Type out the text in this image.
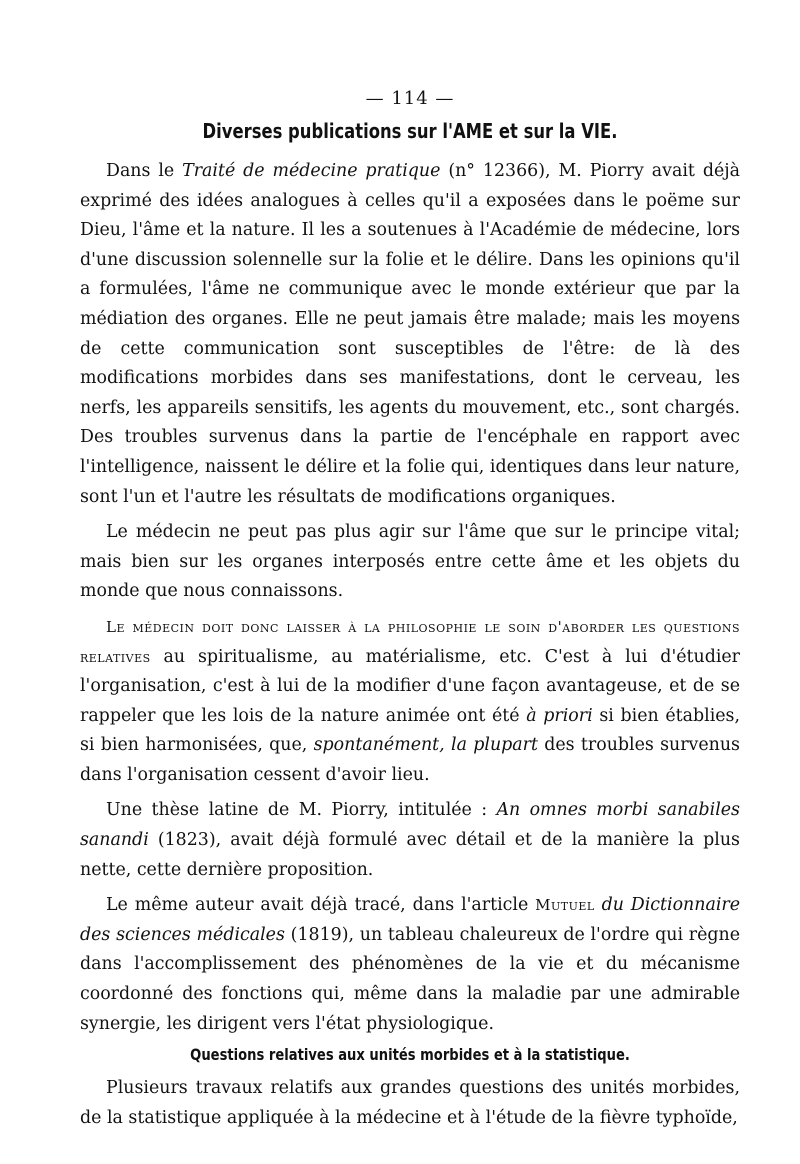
— 114 —
Diverses publications sur l'AME et sur la VIE.

Dans le Traité de médecine pratique (n° 12366), M. Piorry avait déjà exprimé des idées analogues à celles qu'il a exposées dans le poëme sur Dieu, l'âme et la nature. Il les a soutenues à l'Académie de médecine, lors d'une discussion solennelle sur la folie et le délire. Dans les opinions qu'il a formulées, l'âme ne communique avec le monde extérieur que par la médiation des organes. Elle ne peut jamais être malade; mais les moyens de cette communication sont susceptibles de l'être: de là des modifications morbides dans ses manifestations, dont le cerveau, les nerfs, les appareils sensitifs, les agents du mouvement, etc., sont chargés. Des troubles survenus dans la partie de l'encéphale en rapport avec l'intelligence, naissent le délire et la folie qui, identiques dans leur nature, sont l'un et l'autre les résultats de modifications organiques.

Le médecin ne peut pas plus agir sur l'âme que sur le principe vital; mais bien sur les organes interposés entre cette âme et les objets du monde que nous connaissons.

Le médecin doit donc laisser à la philosophie le soin d'aborder les questions relatives au spiritualisme, au matérialisme, etc. C'est à lui d'étudier l'organisation, c'est à lui de la modifier d'une façon avantageuse, et de se rappeler que les lois de la nature animée ont été à priori si bien établies, si bien harmonisées, que, spontanément, la plupart des troubles survenus dans l'organisation cessent d'avoir lieu.

Une thèse latine de M. Piorry, intitulée : An omnes morbi sanabiles sanandi (1823), avait déjà formulé avec détail et de la manière la plus nette, cette dernière proposition.

Le même auteur avait déjà tracé, dans l'article Mutuel du Dictionnaire des sciences médicales (1819), un tableau chaleureux de l'ordre qui règne dans l'accomplissement des phénomènes de la vie et du mécanisme coordonné des fonctions qui, même dans la maladie par une admirable synergie, les dirigent vers l'état physiologique.

Questions relatives aux unités morbides et à la statistique.

Plusieurs travaux relatifs aux grandes questions des unités morbides, de la statistique appliquée à la médecine et à l'étude de la fièvre typhoïde,
